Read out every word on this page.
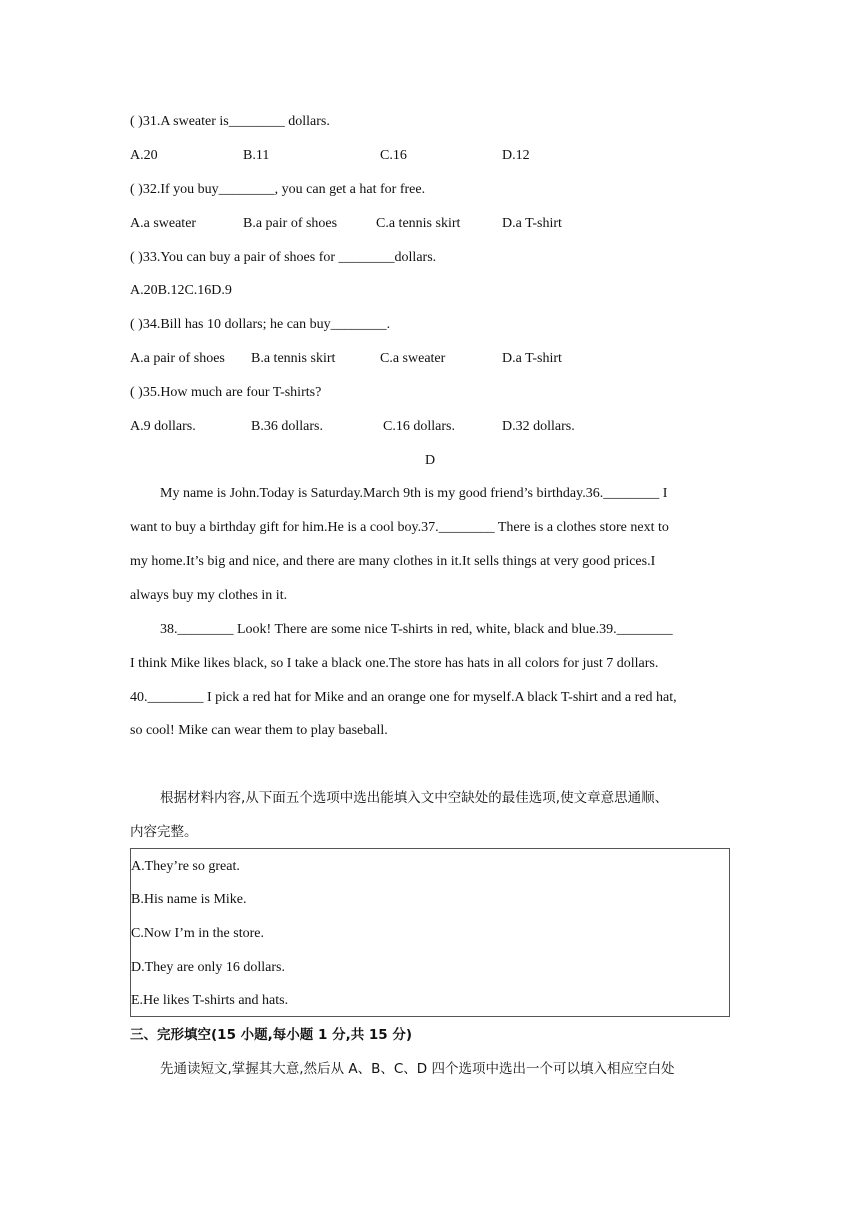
( )31.A sweater is________ dollars.
A.20	B.11	C.16	D.12
( )32.If you buy________, you can get a hat for free.
A.a sweater	B.a pair of shoes	C.a tennis skirt	D.a T-shirt
( )33.You can buy a pair of shoes for ________dollars.
A.20B.12C.16D.9
( )34.Bill has 10 dollars; he can buy________.
A.a pair of shoes B.a tennis skirt	C.a sweater	D.a T-shirt
( )35.How much are four T-shirts?
A.9 dollars.	B.36 dollars.	C.16 dollars.	D.32 dollars.
D
My name is John.Today is Saturday.March 9th is my good friend’s birthday.36.________ I
want to buy a birthday gift for him.He is a cool boy.37.________ There is a clothes store next to
my home.It’s big and nice, and there are many clothes in it.It sells things at very good prices.I
always buy my clothes in it.
38.________ Look! There are some nice T-shirts in red, white, black and blue.39.________
I think Mike likes black, so I take a black one.The store has hats in all colors for just 7 dollars.
40.________ I pick a red hat for Mike and an orange one for myself.A black T-shirt and a red hat,
so cool! Mike can wear them to play baseball.
根据材料内容,从下面五个选项中选出能填入文中空缺处的最佳选项,使文章意思通顺、
内容完整。
A.They’re so great.
B.His name is Mike.
C.Now I’m in the store.
D.They are only 16 dollars.
E.He likes T-shirts and hats.
三、完形填空(15 小题,每小题 1 分,共 15 分)
先通读短文,掌握其大意,然后从 A、B、C、D 四个选项中选出一个可以填入相应空白处
